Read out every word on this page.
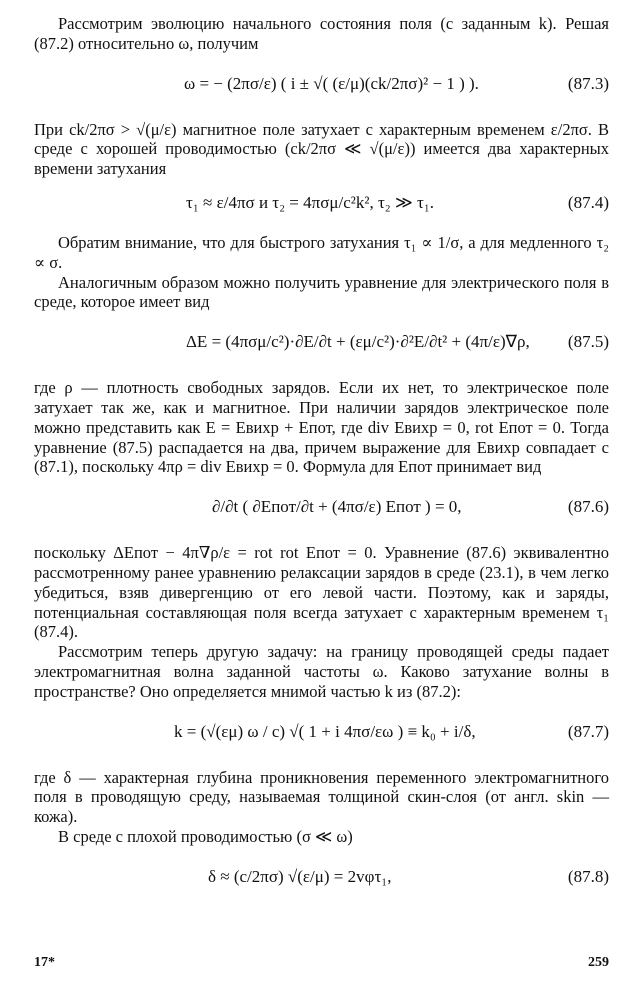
Рассмотрим эволюцию начального состояния поля (с заданным k). Решая (87.2) относительно ω, получим

ω = − (2πσ/ε) ( i ± √( (ε/μ)(ck/2πσ)² − 1 ) ).	(87.3)

При ck/2πσ > √(μ/ε) магнитное поле затухает с характерным временем ε/2πσ. В среде с хорошей проводимостью (ck/2πσ ≪ √(μ/ε)) имеется два характерных времени затухания

τ₁ ≈ ε/4πσ и τ₂ = 4πσμ/c²k², τ₂ ≫ τ₁.	(87.4)

Обратим внимание, что для быстрого затухания τ₁ ∝ 1/σ, а для медленного τ₂ ∝ σ.

Аналогичным образом можно получить уравнение для электрического поля в среде, которое имеет вид

ΔE = (4πσμ/c²)·∂E/∂t + (εμ/c²)·∂²E/∂t² + (4π/ε)∇ρ, (87.5)

где ρ — плотность свободных зарядов. Если их нет, то электрическое поле затухает так же, как и магнитное. При наличии зарядов электрическое поле можно представить как E = Eвихр + Eпот, где div Eвихр = 0, rot Eпот = 0. Тогда уравнение (87.5) распадается на два, причем выражение для Eвихр совпадает с (87.1), поскольку 4πρ = div Eвихр = 0. Формула для Eпот принимает вид

∂/∂t ( ∂Eпот/∂t + (4πσ/ε) Eпот ) = 0,	(87.6)

поскольку ΔEпот − 4π∇ρ/ε = rot rot Eпот = 0. Уравнение (87.6) эквивалентно рассмотренному ранее уравнению релаксации зарядов в среде (23.1), в чем легко убедиться, взяв дивергенцию от его левой части. Поэтому, как и заряды, потенциальная составляющая поля всегда затухает с характерным временем τ₁ (87.4).

Рассмотрим теперь другую задачу: на границу проводящей среды падает электромагнитная волна заданной частоты ω. Каково затухание волны в пространстве? Оно определяется мнимой частью k из (87.2):

k = (√(εμ) ω / c) √( 1 + i 4πσ/εω ) ≡ k₀ + i/δ,	(87.7)

где δ — характерная глубина проникновения переменного электромагнитного поля в проводящую среду, называемая толщиной скин-слоя (от англ. skin — кожа).

В среде с плохой проводимостью (σ ≪ ω)

δ ≈ (c/2πσ) √(ε/μ) = 2vφτ₁,	(87.8)
17*	259
